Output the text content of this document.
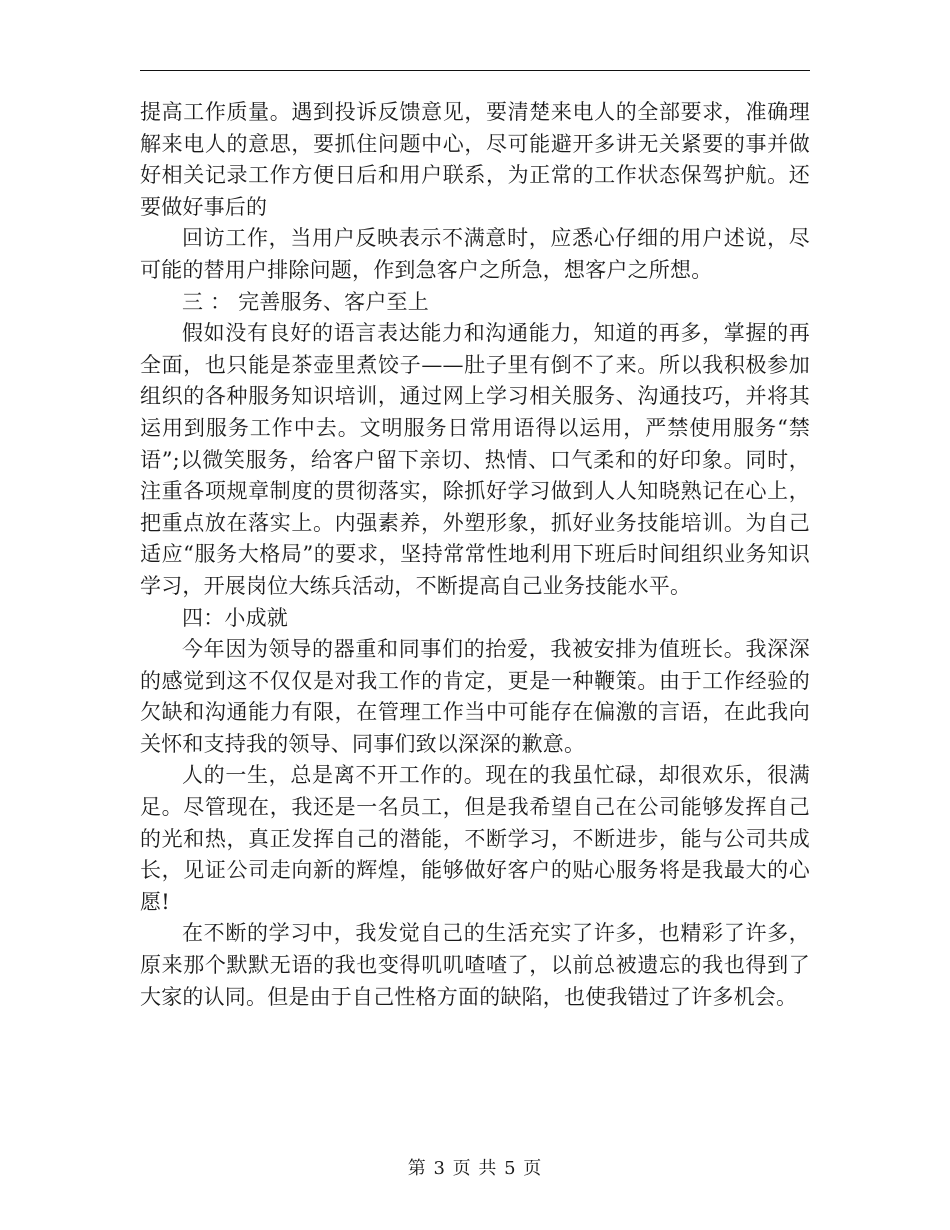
提高工作质量。遇到投诉反馈意见，要清楚来电人的全部要求，准确理解来电人的意思，要抓住问题中心，尽可能避开多讲无关紧要的事并做好相关记录工作方便日后和用户联系，为正常的工作状态保驾护航。还要做好事后的

回访工作，当用户反映表示不满意时，应悉心仔细的用户述说，尽可能的替用户排除问题，作到急客户之所急，想客户之所想。

三 ： 完善服务、客户至上

假如没有良好的语言表达能力和沟通能力，知道的再多，掌握的再全面，也只能是茶壶里煮饺子——肚子里有倒不了来。所以我积极参加组织的各种服务知识培训，通过网上学习相关服务、沟通技巧，并将其运用到服务工作中去。文明服务日常用语得以运用，严禁使用服务“禁语”;以微笑服务，给客户留下亲切、热情、口气柔和的好印象。同时，注重各项规章制度的贯彻落实，除抓好学习做到人人知晓熟记在心上，把重点放在落实上。内强素养，外塑形象，抓好业务技能培训。为自己适应“服务大格局”的要求，坚持常常性地利用下班后时间组织业务知识学习，开展岗位大练兵活动，不断提高自己业务技能水平。

四：小成就

今年因为领导的器重和同事们的抬爱，我被安排为值班长。我深深的感觉到这不仅仅是对我工作的肯定，更是一种鞭策。由于工作经验的欠缺和沟通能力有限，在管理工作当中可能存在偏激的言语，在此我向关怀和支持我的领导、同事们致以深深的歉意。

人的一生，总是离不开工作的。现在的我虽忙碌，却很欢乐，很满足。尽管现在，我还是一名员工，但是我希望自己在公司能够发挥自己的光和热，真正发挥自己的潜能，不断学习，不断进步，能与公司共成长，见证公司走向新的辉煌，能够做好客户的贴心服务将是我最大的心愿!

在不断的学习中，我发觉自己的生活充实了许多，也精彩了许多，原来那个默默无语的我也变得叽叽喳喳了，以前总被遗忘的我也得到了大家的认同。但是由于自己性格方面的缺陷，也使我错过了许多机会。

第 3 页 共 5 页
